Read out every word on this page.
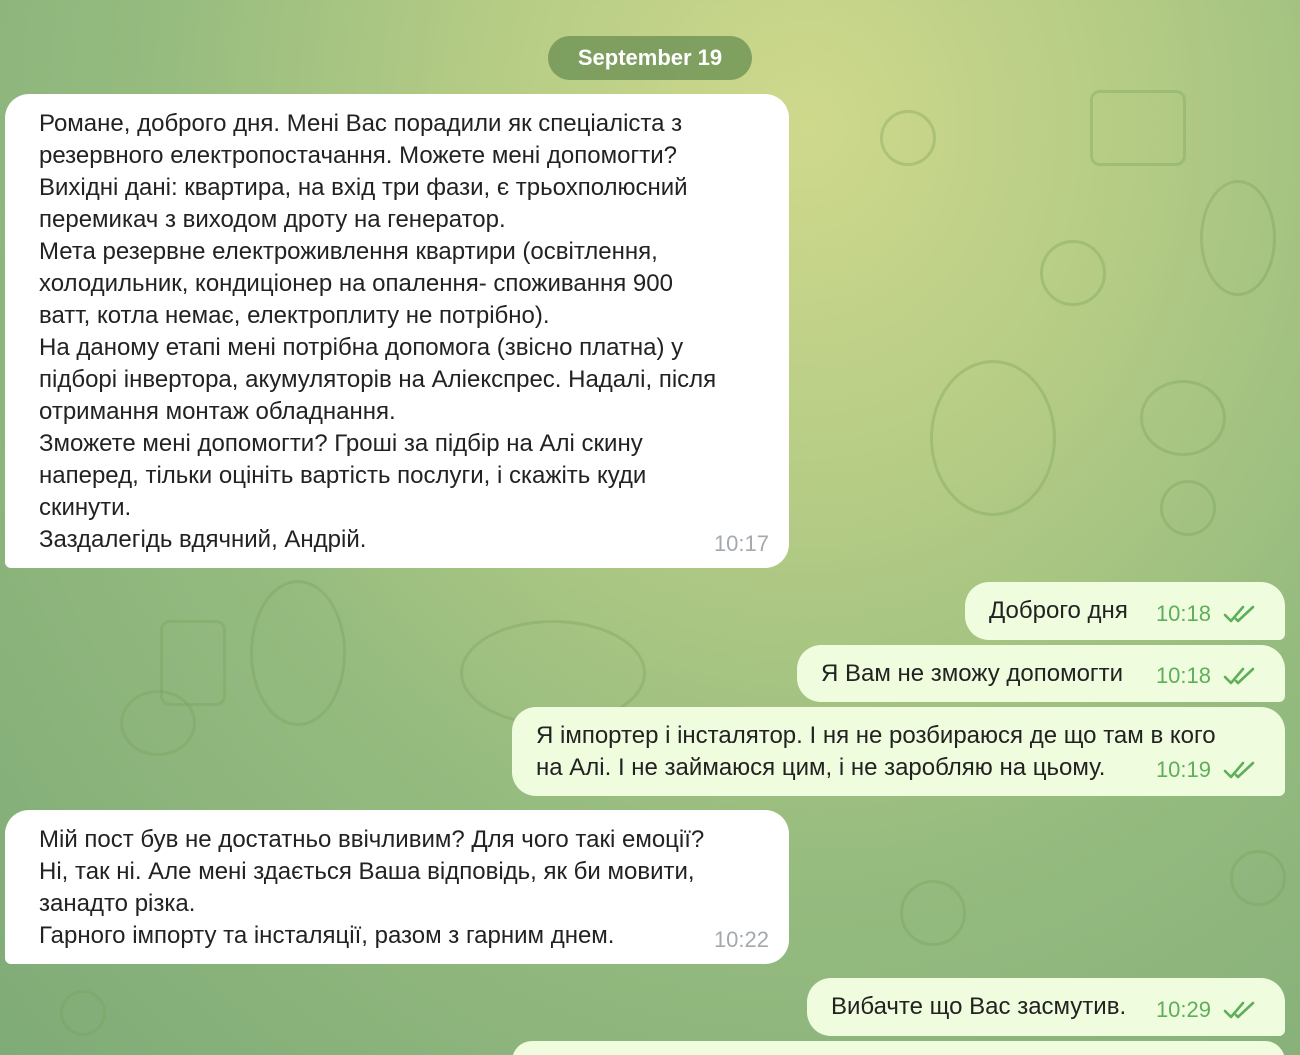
September 19
Романе, доброго дня. Мені Вас порадили як спеціаліста з
резервного електропостачання. Можете мені допомогти?
Вихідні дані: квартира, на вхід три фази, є трьохполюсний
перемикач з виходом дроту на генератор.
Мета резервне електроживлення квартири (освітлення,
холодильник, кондиціонер на опалення- споживання 900
ватт, котла немає, електроплиту не потрібно).
На даному етапі мені потрібна допомога (звісно платна) у
підборі інвертора, акумуляторів на Аліекспрес. Надалі, після
отримання монтаж обладнання.
Зможете мені допомогти? Гроші за підбір на Алі скину
наперед, тільки оцініть вартість послуги, і скажіть куди
скинути.
Заздалегідь вдячний, Андрій.	10:17
Доброго дня	10:18
Я Вам не зможу допомогти	10:18
Я імпортер і інсталятор. І ня не розбираюся де що там в кого
на Алі. І не займаюся цим, і не заробляю на цьому.	10:19
Мій пост був не достатньо ввічливим? Для чого такі емоції?
Ні, так ні. Але мені здається Ваша відповідь, як би мовити,
занадто різка.
Гарного імпорту та інсталяції, разом з гарним днем.	10:22
Вибачте що Вас засмутив.	10:29
